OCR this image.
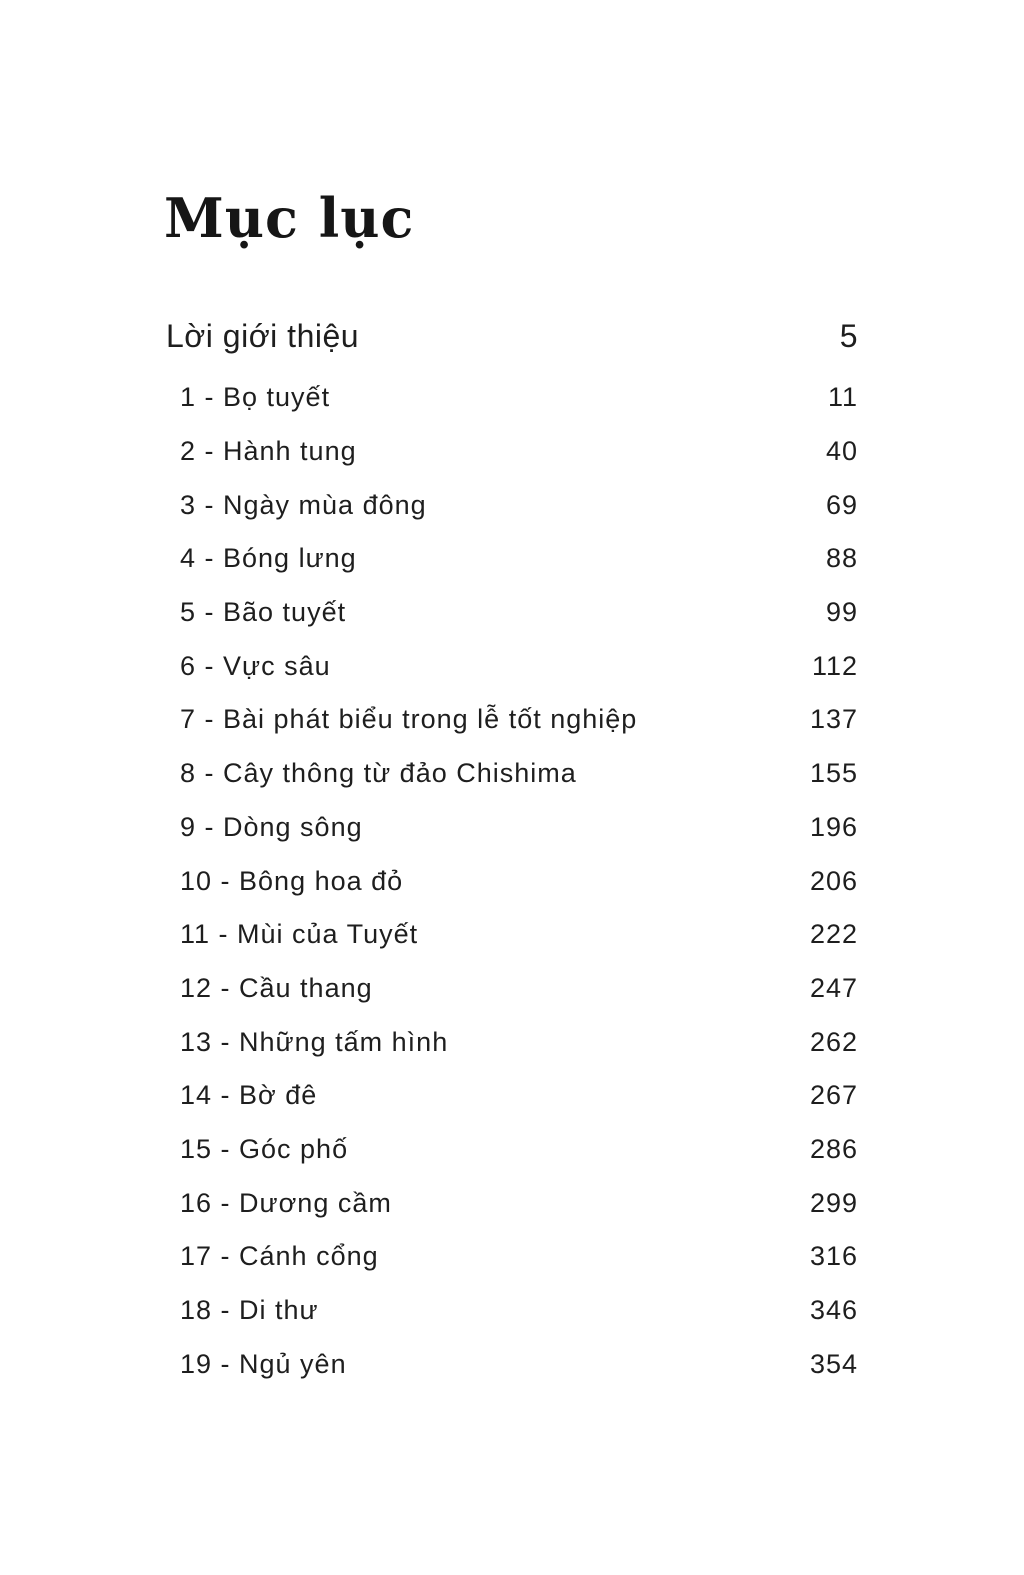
Mục lục
Lời giới thiệu	5
1 - Bọ tuyết	11
2 - Hành tung	40
3 - Ngày mùa đông	69
4 - Bóng lưng	88
5 - Bão tuyết	99
6 - Vực sâu	112
7 - Bài phát biểu trong lễ tốt nghiệp	137
8 - Cây thông từ đảo Chishima	155
9 - Dòng sông	196
10 - Bông hoa đỏ	206
11 - Mùi của Tuyết	222
12 - Cầu thang	247
13 - Những tấm hình	262
14 - Bờ đê	267
15 - Góc phố	286
16 - Dương cầm	299
17 - Cánh cổng	316
18 - Di thư	346
19 - Ngủ yên	354
